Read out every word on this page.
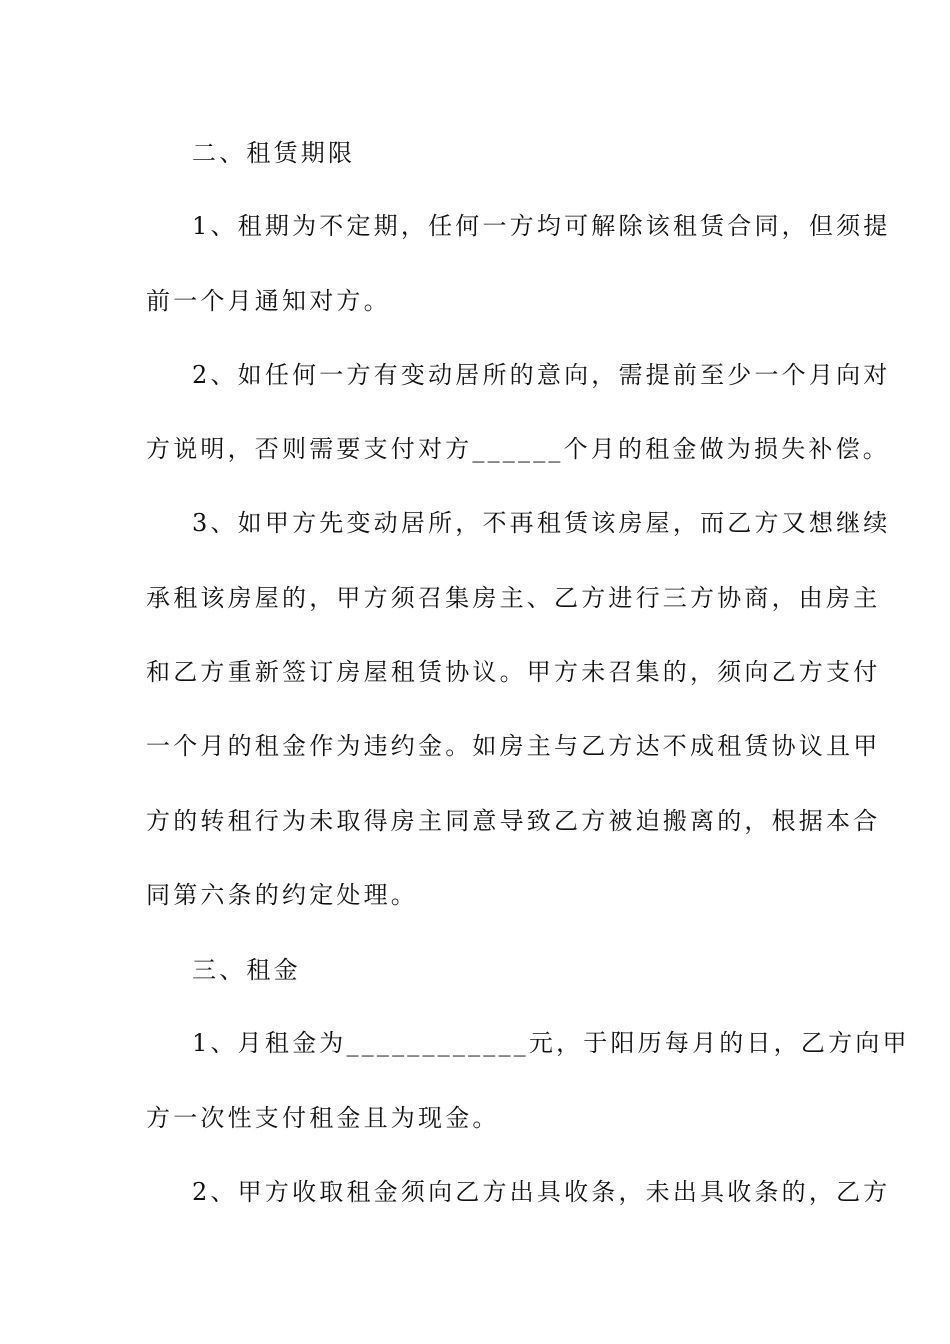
二、租赁期限
1、租期为不定期，任何一方均可解除该租赁合同，但须提
前一个月通知对方。
2、如任何一方有变动居所的意向，需提前至少一个月向对
方说明，否则需要支付对方______个月的租金做为损失补偿。
3、如甲方先变动居所，不再租赁该房屋，而乙方又想继续
承租该房屋的，甲方须召集房主、乙方进行三方协商，由房主
和乙方重新签订房屋租赁协议。甲方未召集的，须向乙方支付
一个月的租金作为违约金。如房主与乙方达不成租赁协议且甲
方的转租行为未取得房主同意导致乙方被迫搬离的，根据本合
同第六条的约定处理。
三、租金
1、月租金为____________元，于阳历每月的日，乙方向甲
方一次性支付租金且为现金。
2、甲方收取租金须向乙方出具收条，未出具收条的，乙方
